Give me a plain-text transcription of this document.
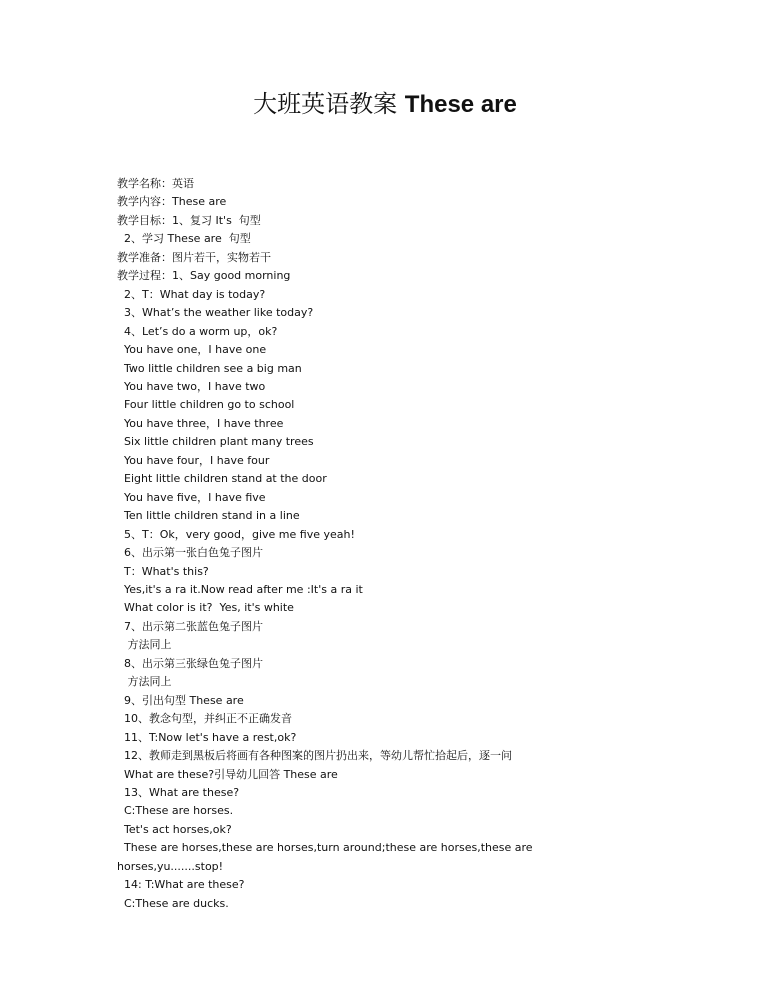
大班英语教案 These are
教学名称：英语
教学内容：These are
教学目标：1、复习 It's  句型
2、学习 These are  句型
教学准备：图片若干，实物若干
教学过程：1、Say good morning
2、T：What day is today?
3、What’s the weather like today?
4、Let’s do a worm up，ok?
You have one，I have one
Two little children see a big man
You have two，I have two
Four little children go to school
You have three，I have three
Six little children plant many trees
You have four，I have four
Eight little children stand at the door
You have five，I have five
Ten little children stand in a line
5、T：Ok，very good，give me five yeah!
6、出示第一张白色兔子图片
T：What's this?
Yes,it's a ra it.Now read after me :It's a ra it
What color is it?  Yes, it's white
7、出示第二张蓝色兔子图片
方法同上
8、出示第三张绿色兔子图片
方法同上
9、引出句型 These are
10、教念句型，并纠正不正确发音
11、T:Now let's have a rest,ok?
12、教师走到黑板后将画有各种图案的图片扔出来，等幼儿帮忙拾起后，逐一问
What are these?引导幼儿回答 These are
13、What are these?
C:These are horses.
Tet's act horses,ok?
These are horses,these are horses,turn around;these are horses,these are horses,yu.......stop!
14: T:What are these?
C:These are ducks.
